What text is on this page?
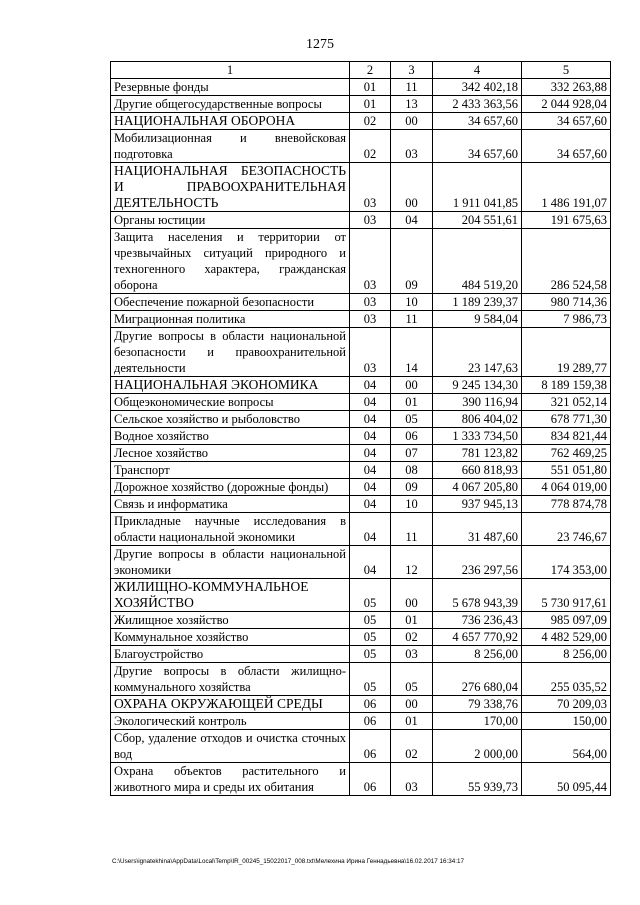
1275
1	2	3	4	5
Резервные фонды	01	11	342 402,18	332 263,88
Другие общегосударственные вопросы	01	13	2 433 363,56	2 044 928,04
НАЦИОНАЛЬНАЯ ОБОРОНА	02	00	34 657,60	34 657,60
Мобилизационная и вневойсковая подготовка	02	03	34 657,60	34 657,60
НАЦИОНАЛЬНАЯ БЕЗОПАСНОСТЬ И ПРАВООХРАНИТЕЛЬНАЯ ДЕЯТЕЛЬНОСТЬ	03	00	1 911 041,85	1 486 191,07
Органы юстиции	03	04	204 551,61	191 675,63
Защита населения и территории от чрезвычайных ситуаций природного и техногенного характера, гражданская оборона	03	09	484 519,20	286 524,58
Обеспечение пожарной безопасности	03	10	1 189 239,37	980 714,36
Миграционная политика	03	11	9 584,04	7 986,73
Другие вопросы в области национальной безопасности и правоохранительной деятельности	03	14	23 147,63	19 289,77
НАЦИОНАЛЬНАЯ ЭКОНОМИКА	04	00	9 245 134,30	8 189 159,38
Общеэкономические вопросы	04	01	390 116,94	321 052,14
Сельское хозяйство и рыболовство	04	05	806 404,02	678 771,30
Водное хозяйство	04	06	1 333 734,50	834 821,44
Лесное хозяйство	04	07	781 123,82	762 469,25
Транспорт	04	08	660 818,93	551 051,80
Дорожное хозяйство (дорожные фонды)	04	09	4 067 205,80	4 064 019,00
Связь и информатика	04	10	937 945,13	778 874,78
Прикладные научные исследования в области национальной экономики	04	11	31 487,60	23 746,67
Другие вопросы в области национальной экономики	04	12	236 297,56	174 353,00
ЖИЛИЩНО-КОММУНАЛЬНОЕ ХОЗЯЙСТВО	05	00	5 678 943,39	5 730 917,61
Жилищное хозяйство	05	01	736 236,43	985 097,09
Коммунальное хозяйство	05	02	4 657 770,92	4 482 529,00
Благоустройство	05	03	8 256,00	8 256,00
Другие вопросы в области жилищно-коммунального хозяйства	05	05	276 680,04	255 035,52
ОХРАНА ОКРУЖАЮЩЕЙ СРЕДЫ	06	00	79 338,76	70 209,03
Экологический контроль	06	01	170,00	150,00
Сбор, удаление отходов и очистка сточных вод	06	02	2 000,00	564,00
Охрана объектов растительного и животного мира и среды их обитания	06	03	55 939,73	50 095,44
C:\Users\ignatekhina\AppData\Local\Temp\IR_00245_15022017_008.txt\Мелехина Ирина Геннадьевна\16.02.2017 16:34:17
